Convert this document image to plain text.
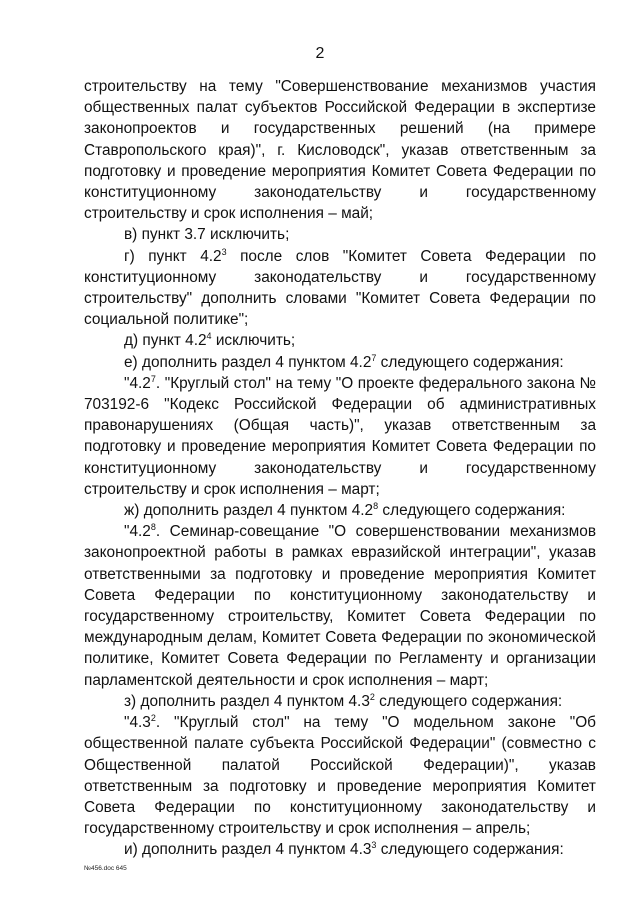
2

строительству на тему "Совершенствование механизмов участия общественных палат субъектов Российской Федерации в экспертизе законопроектов и государственных решений (на примере Ставропольского края)", г. Кисловодск", указав ответственным за подготовку и проведение мероприятия Комитет Совета Федерации по конституционному законодательству и государственному строительству и срок исполнения – май;

в) пункт 3.7 исключить;

г) пункт $4.2^3$ после слов "Комитет Совета Федерации по конституционному законодательству и государственному строительству" дополнить словами "Комитет Совета Федерации по социальной политике";

д) пункт $4.2^4$ исключить;

е) дополнить раздел 4 пунктом $4.2^7$ следующего содержания:

"$4.2^7$. "Круглый стол" на тему "О проекте федерального закона № 703192-6 "Кодекс Российской Федерации об административных правонарушениях (Общая часть)", указав ответственным за подготовку и проведение мероприятия Комитет Совета Федерации по конституционному законодательству и государственному строительству и срок исполнения – март;

ж) дополнить раздел 4 пунктом $4.2^8$ следующего содержания:

"$4.2^8$. Семинар-совещание "О совершенствовании механизмов законопроектной работы в рамках евразийской интеграции", указав ответственными за подготовку и проведение мероприятия Комитет Совета Федерации по конституционному законодательству и государственному строительству, Комитет Совета Федерации по международным делам, Комитет Совета Федерации по экономической политике, Комитет Совета Федерации по Регламенту и организации парламентской деятельности и срок исполнения – март;

з) дополнить раздел 4 пунктом $4.3^2$ следующего содержания:

"$4.3^2$. "Круглый стол" на тему "О модельном законе "Об общественной палате субъекта Российской Федерации" (совместно с Общественной палатой Российской Федерации)", указав ответственным за подготовку и проведение мероприятия Комитет Совета Федерации по конституционному законодательству и государственному строительству и срок исполнения – апрель;

и) дополнить раздел 4 пунктом $4.3^3$ следующего содержания:

№456.doc 645
